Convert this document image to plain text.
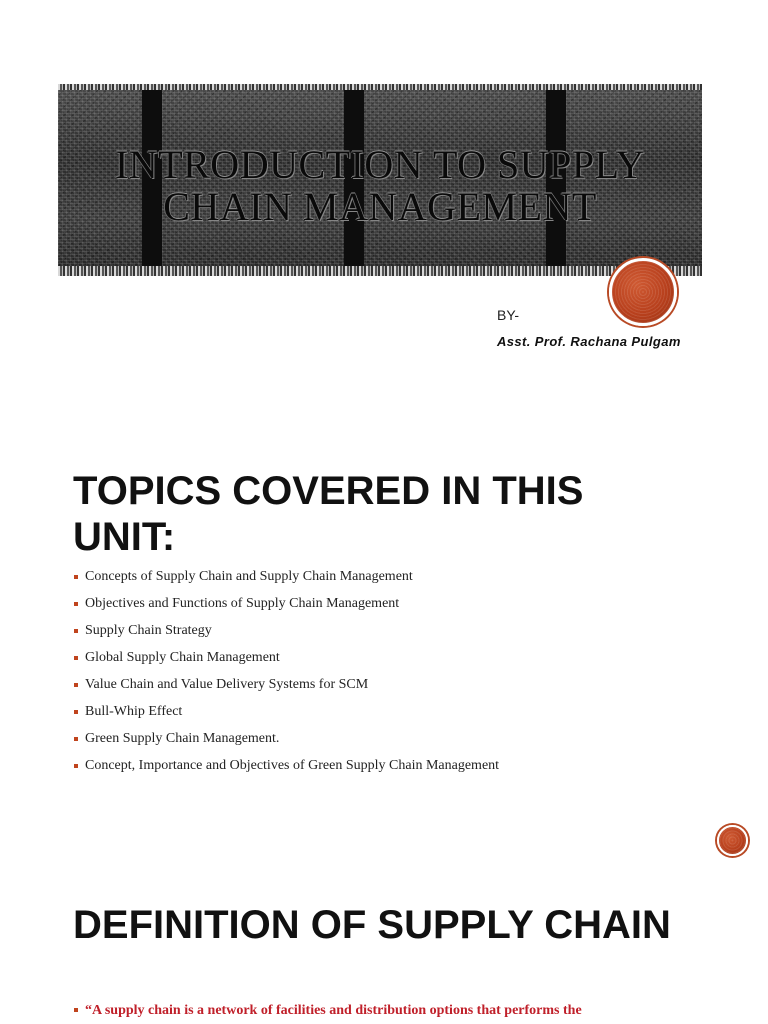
INTRODUCTION TO SUPPLY CHAIN MANAGEMENT
BY-
Asst. Prof. Rachana Pulgam
TOPICS COVERED IN THIS UNIT:
Concepts of Supply Chain and Supply Chain Management
Objectives and Functions of Supply Chain Management
Supply Chain Strategy
Global Supply Chain Management
Value Chain and Value Delivery Systems for SCM
Bull-Whip Effect
Green Supply Chain Management.
Concept, Importance and Objectives of Green Supply Chain Management
DEFINITION OF SUPPLY CHAIN
“A supply chain is a network of facilities and distribution options that performs the
